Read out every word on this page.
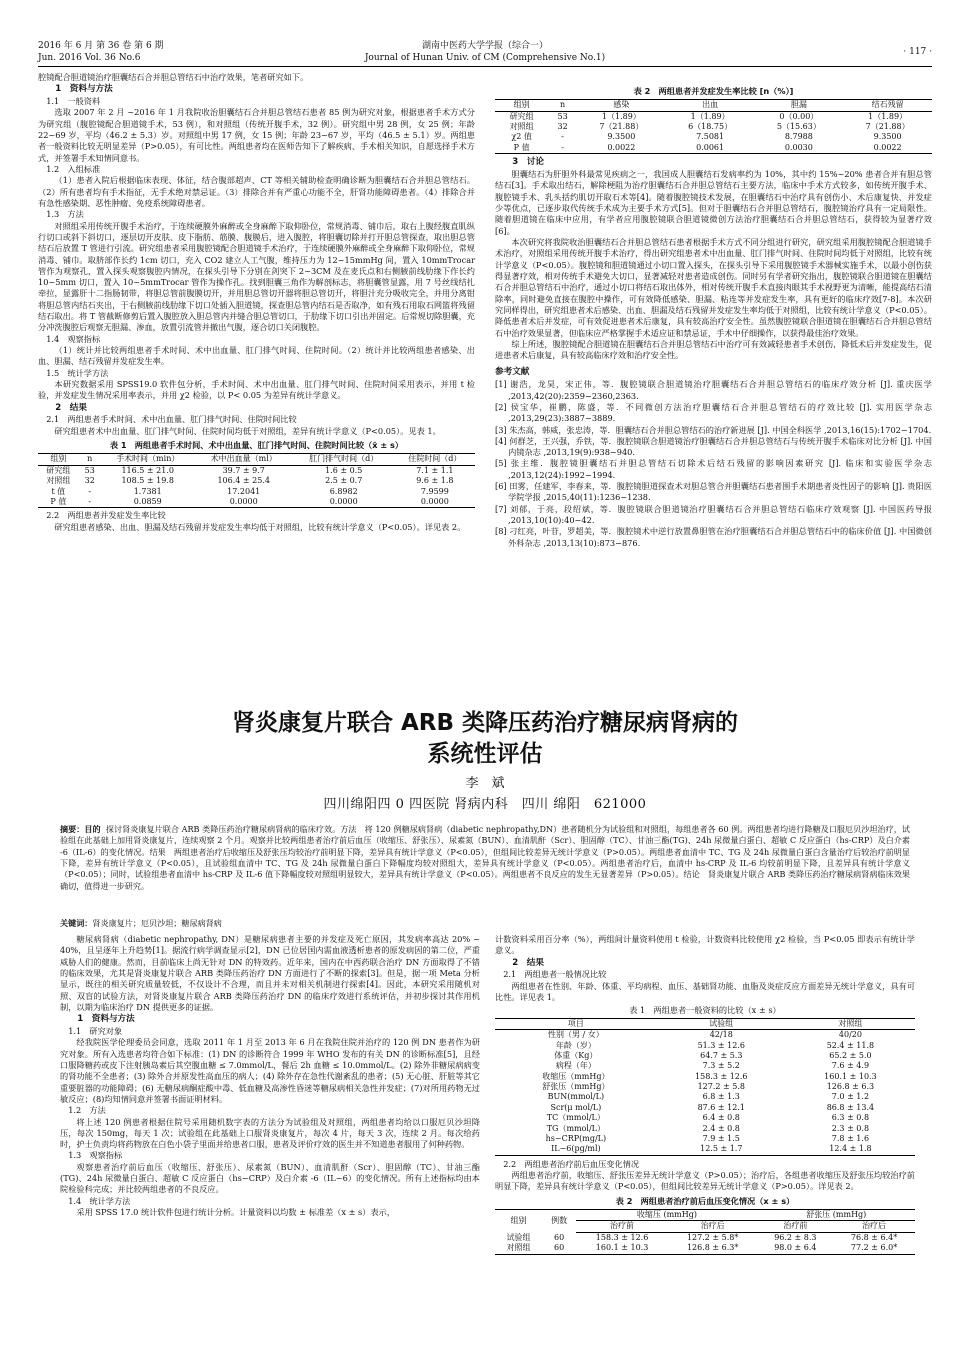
2016 年 6 月 第 36 卷 第 6 期
Jun. 2016 Vol. 36 No.6
湖南中医药大学学报（综合一）
Journal of Hunan Univ. of CM (Comprehensive No.1)
· 117 ·

腔镜配合胆道镜治疗胆囊结石合并胆总管结石中治疗效果，笔者研究如下。

1　资料与方法

1.1　一般资料

选取 2007 年 2 月 ~2016 年 1 月我院收治胆囊结石合并胆总管结石患者 85 例为研究对象，根据患者手术方式分为研究组（腹腔镜配合胆道镜手术，53 例），和对照组（传统开腹手术，32 例）。研究组中男 28 例，女 25 例；年龄 22~69 岁，平均（46.2 ± 5.3）岁。对照组中男 17 例，女 15 例；年龄 23~67 岁，平均（46.5 ± 5.1）岁。两组患者一般资料比较无明显差异（P>0.05），有可比性。两组患者均在医师告知下了解疾病、手术相关知识，自愿选择手术方式，并签署手术知情同意书。

1.2　入组标准

（1）患者入院后根据临床表现、体征，结合腹部超声、CT 等相关辅助检查明确诊断为胆囊结石合并胆总管结石。（2）所有患者均有手术指征，无手术绝对禁忌证。（3）排除合并有严重心功能不全，肝肾功能障碍患者。（4）排除合并有急性感染期、恶性肿瘤、免疫系统障碍患者。

1.3　方法

对照组采用传统开腹手术治疗，于连续硬膜外麻醉或全身麻醉下取仰卧位，常规消毒、铺巾后，取右上腹经腹直肌纵行切口或斜下斜切口，逐层切开皮肤、皮下脂肪、筋膜、腹膜后，进入腹腔，将胆囊切除并打开胆总管探查，取出胆总管结石后放置 T 管进行引流。研究组患者采用腹腔镜配合胆道镜手术治疗，于连续硬膜外麻醉或全身麻醉下取仰卧位，常规消毒、铺巾。取脐部作长约 1cm 切口，充入 CO2 建立人工气腹，维持压力为 12~15mmHg 间，置入 10mmTrocar 管作为观察孔，置入探头观察腹腔内情况，在探头引导下分别在剑突下 2~3CM 及在麦氏点和右侧腋前线肋缘下作长约 10~5mm 切口，置入 10~5mmTrocar 管作为操作孔。找到胆囊三角作为解剖标志，将胆囊管显露，用 7 号丝线结扎牵拉，显露肝十二指肠韧带，将胆总管前腹膜切开，并用胆总管切开器将胆总管切开，将胆汁充分吸收完全，并用分离钳将胆总管内结石夹出，于右侧腋前线肋缘下切口处插入胆道镜，探查胆总管内结石是否取净，如有残石用取石网篮将残留结石取出。将 T 管截断修剪后置入腹腔放入胆总管内并缝合胆总管切口，于肋缘下切口引出并固定。后常规切除胆囊，充分冲洗腹腔后观察无胆漏、渗血，放置引流管并撤出气腹，逐合切口关闭腹腔。

1.4　观察指标

（1）统计并比较两组患者手术时间、术中出血量、肛门排气时间、住院时间。（2）统计并比较两组患者感染、出血、胆漏、结石残留并发症发生率。

1.5　统计学方法

本研究数据采用 SPSS19.0 软件包分析，手术时间、术中出血量、肛门排气时间、住院时间采用表示，并用 t 检验，并发症发生情况采用率表示，并用 χ2 检验，以 P< 0.05 为差异有统计学意义。

2　结果

2.1　两组患者手术时间、术中出血量、肛门排气时间、住院时间比较

研究组患者术中出血量、肛门排气时间、住院时间均低于对照组，差异有统计学意义（P<0.05）。见表 1。

表 1　两组患者手术时间、术中出血量、肛门排气时间、住院时间比较（x̄ ± s）
组别	n	手术时间（min）	术中出血量（ml）	肛门排气时间（d）	住院时间（d）
研究组	53	116.5 ± 21.0	39.7 ± 9.7	1.6 ± 0.5	7.1 ± 1.1
对照组	32	108.5 ± 19.8	106.4 ± 25.4	2.5 ± 0.7	9.6 ± 1.8
t 值	-	1.7381	17.2041	6.8982	7.9599
P 值	-	0.0859	0.0000	0.0000	0.0000

2.2　两组患者并发症发生率比较

研究组患者感染、出血、胆漏及结石残留并发症发生率均低于对照组，比较有统计学意义（P<0.05）。详见表 2。

表 2　两组患者并发症发生率比较 [n（%）]
组别	n	感染	出血	胆漏	结石残留
研究组	53	1（1.89）	1（1.89）	0（0.00）	1（1.89）
对照组	32	7（21.88）	6（18.75）	5（15.63）	7（21.88）
χ2 值	-	9.3500	7.5081	8.7988	9.3500
P 值	-	0.0022	0.0061	0.0030	0.0022

3　讨论

胆囊结石为肝胆外科最常见疾病之一，我国成人胆囊结石发病率约为 10%，其中约 15%~20% 患者合并有胆总管结石[3]。手术取出结石，解除梗阻为治疗胆囊结石合并胆总管结石主要方法，临床中手术方式较多，如传统开腹手术、腹腔镜手术、乳头括约肌切开取石术等[4]。随着腹腔镜技术发展，在胆囊结石中治疗具有创伤小、术后康复快、并发症少等优点，已逐步取代传统手术成为主要手术方式[5]。但对于胆囊结石合并胆总管结石，腹腔镜治疗具有一定局限性。随着胆道镜在临床中应用，有学者应用腹腔镜联合胆道镜微创方法治疗胆囊结石合并胆总管结石，获得较为显著疗效[6]。

本次研究将我院收治胆囊结石合并胆总管结石患者根据手术方式不同分组进行研究，研究组采用腹腔镜配合胆道镜手术治疗，对照组采用传统开腹手术治疗，得出研究组患者术中出血量、肛门排气时间、住院时间均低于对照组，比较有统计学意义（P<0.05）。腹腔镜和胆道镜通过小切口置入探头，在探头引导下采用腹腔镜手术器械实施手术，以最小创伤获得显著疗效，相对传统手术避免大切口，显著减轻对患者造成创伤。同时另有学者研究指出，腹腔镜联合胆道镜在胆囊结石合并胆总管结石中治疗，通过小切口将结石取出体外，相对传统开腹手术直接肉眼其手术视野更为清晰，能提高结石清除率，同时避免直接在腹腔中操作，可有效降低感染、胆漏、粘连等并发症发生率，具有更好的临床疗效[7-8]。本次研究同样得出，研究组患者术后感染、出血、胆漏及结石残留并发症发生率均低于对照组，比较有统计学意义（P<0.05）。降低患者术后并发症，可有效促进患者术后康复，具有较高治疗安全性。虽然腹腔镜联合胆道镜在胆囊结石合并胆总管结石中治疗效果显著，但临床应严格掌握手术适应证和禁忌证，手术中仔细操作，以获得最佳治疗效果。

综上所述，腹腔镜配合胆道镜在胆囊结石合并胆总管结石中治疗可有效减轻患者手术创伤，降低术后并发症发生，促进患者术后康复，具有较高临床疗效和治疗安全性。

参考文献

[1] 谢浩，龙昊，宋正伟，等．腹腔镜联合胆道镜治疗胆囊结石合并胆总管结石的临床疗效分析 [J]. 重庆医学 ,2013,42(20):2359−2360,2363.

[2] 侯宝华，崔鹏，陈盛，等．不同微创方法治疗胆囊结石合并胆总管结石的疗效比较 [J]. 实用医学杂志 ,2013,29(23):3887−3889.

[3] 朱杰高，韩威，张忠涛，等．胆囊结石合并胆总管结石的治疗新进展 [J]. 中国全科医学 ,2013,16(15):1702−1704.

[4] 何群芝，王兴强，乔铁，等．腹腔镜联合胆道镜治疗胆囊结石合并胆总管结石与传统开腹手术临床对比分析 [J]. 中国内镜杂志 ,2013,19(9):938−940.

[5] 张主维．腹腔镜胆囊结石并胆总管结石切除术后结石残留的影响因素研究 [J]. 临床和实验医学杂志 ,2013,12(24):1992−1994.

[6] 田雾，任建军，李春来，等．腹腔镜胆道探查术对胆总管合并胆囊结石患者围手术期患者炎性因子的影响 [J]. 贵阳医学院学报 ,2015,40(11):1236−1238.

[7] 刘郁，于亮，段绍斌，等．腹腔镜联合胆道镜治疗胆囊结石合并胆总管结石临床疗效观察 [J]. 中国医药导报 ,2013,10(10):40−42.

[8] 刁红亮，叶苷，罗超美，等．腹腔镜术中逆行放置鼻胆管在治疗胆囊结石合并胆总管结石中的临床价值 [J]. 中国微创外科杂志 ,2013,13(10):873−876.

肾炎康复片联合 ARB 类降压药治疗糖尿病肾病的
系统性评估
李　斌
四川绵阳四 0 四医院 肾病内科　四川 绵阳　621000
摘要：目的 探讨肾炎康复片联合 ARB 类降压药治疗糖尿病肾病的临床疗效。方法　将 120 例糖尿病肾病（diabetic nephropathy,DN）患者随机分为试验组和对照组，每组患者各 60 例。两组患者均进行降糖及口服厄贝沙坦治疗，试验组在此基础上加用肾炎康复片，连续观察 2 个月。观察并比较两组患者治疗前后血压（收缩压、舒张压）、尿素氮（BUN）、血清肌酐（Scr）、胆固醇（TC）、甘油三酯(TG)、24h 尿微量白蛋白、超敏 C 反应蛋白（hs-CRP）及白介素 -6（IL-6）的变化情况。结果　两组患者治疗后收缩压及舒张压均较治疗前明显下降，差异具有统计学意义（P<0.05），但组间比较差异无统计学意义（P>0.05）。两组患者血清中 TC、TG 及 24h 尿微量白蛋白含量治疗后较治疗前明显下降，差异有统计学意义（P<0.05），且试验组血清中 TC、TG 及 24h 尿微量白蛋白下降幅度均较对照组大，差异具有统计学意义（P<0.05）。两组患者治疗后，血清中 hs-CRP 及 IL-6 均较前明显下降，且差异具有统计学意义（P<0.05）；同时，试验组患者血清中 hs-CRP 及 IL-6 值下降幅度较对照组明显较大，差异具有统计学意义（P<0.05）。两组患者不良反应的发生无显著差异（P>0.05）。结论　肾炎康复片联合 ARB 类降压药治疗糖尿病肾病临床效果确切，值得进一步研究。
关键词：肾炎康复片；厄贝沙坦；糖尿病肾病

糖尿病肾病（diabetic nephropathy, DN）是糖尿病患者主要的并发症及死亡原因，其发病率高达 20% ~ 40%，且呈逐年上升趋势[1]。据流行病学调查显示[2]，DN 已位居国内需血液透析患者的原发病因的第二位，严重威胁人们的健康。然而，目前临床上尚无针对 DN 的特效药。近年来，国内在中西药联合治疗 DN 方面取得了不错的临床效果，尤其是肾炎康复片联合 ARB 类降压药治疗 DN 方面进行了不断的探索[3]。但是，据一项 Meta 分析显示，既往的相关研究质量较低，不仅设计不合理，而且并未对相关机制进行探索[4]。因此，本研究采用随机对照、双盲的试验方法，对肾炎康复片联合 ARB 类降压药治疗 DN 的临床疗效进行系统评估，并初步探讨其作用机制，以期为临床治疗 DN 提供更多的证据。

1　资料与方法

1.1　研究对象

经我院医学伦理委员会同意，选取 2011 年 1 月至 2013 年 6 月在我院住院并治疗的 120 例 DN 患者作为研究对象。所有入选患者均符合如下标准：(1) DN 的诊断符合 1999 年 WHO 发布的有关 DN 的诊断标准[5]，且经口服降糖药或皮下注射胰岛素后其空腹血糖 ≤ 7.0mmol/L，餐后 2h 血糖 ≤ 10.0mmol/L。(2) 除外非糖尿病病变的肾功能不全患者；(3) 除外合并原发性高血压的病人；(4) 除外存在急性代谢紊乱的患者；(5) 无心脏、肝脏等其它重要脏器的功能障碍；(6) 无糖尿病酮症酸中毒、低血糖及高渗性昏迷等糖尿病相关急性并发症；(7)对所用药物无过敏反应；(8)均知情同意并签署书面证明材料。

1.2　方法

将上述 120 例患者根据住院号采用随机数字表的方法分为试验组及对照组，两组患者均给以口服厄贝沙坦降压，每次 150mg，每天 1 次；试验组在此基础上口服肾炎康复片，每次 4 片，每天 3 次，连续 2 月。每次给药时，护士负责均将药物放在白色小袋子里面并给患者口服，患者及评价疗效的医生并不知道患者服用了何种药物。

1.3　观察指标

观察患者治疗前后血压（收缩压、舒张压）、尿素氮（BUN）、血清肌酐（Scr）、胆固醇（TC）、甘油三酯(TG)、24h 尿微量白蛋白、超敏 C 反应蛋白（hs−CRP）及白介素 -6（IL−6）的变化情况。所有上述指标均由本院检验科完成；并比较两组患者的不良反应。

1.4　统计学方法

采用 SPSS 17.0 统计软件包进行统计分析。计量资料以均数 ± 标准差（x ± s）表示，

计数资料采用百分率（%），两组间计量资料使用 t 检验，计数资料比较使用 χ2 检验，当 P<0.05 即表示有统计学意义。

2　结果

2.1　两组患者一般情况比较

两组患者在性别、年龄、体重、平均病程、血压、基础肾功能、血脂及炎症反应方面差异无统计学意义，具有可比性。详见表 1。

表 1　两组患者一般资料的比较（x ± s）
项目	试验组	对照组
性别（男 / 女）	42/18	40/20
年龄（岁）	51.3 ± 12.6	52.4 ± 11.8
体重（Kg）	64.7 ± 5.3	65.2 ± 5.0
病程（年）	7.3 ± 5.2	7.6 ± 4.9
收缩压（mmHg）	158.3 ± 12.6	160.1 ± 10.3
舒张压（mmHg）	127.2 ± 5.8	126.8 ± 6.3
BUN(mmol/L)	6.8 ± 1.3	7.0 ± 1.2
Scr(μ mol/L)	87.6 ± 12.1	86.8 ± 13.4
TC（mmol/L）	6.4 ± 0.8	6.3 ± 0.8
TG（mmol/L）	2.4 ± 0.8	2.3 ± 0.8
hs−CRP(mg/L)	7.9 ± 1.5	7.8 ± 1.6
IL−6(pg/ml)	12.5 ± 1.7	12.4 ± 1.8

2.2　两组患者治疗前后血压变化情况

两组患者治疗前，收缩压、舒张压差异无统计学意义（P>0.05）；治疗后，各组患者收缩压及舒张压均较治疗前明显下降，差异具有统计学意义（P<0.05），但组间比较差异无统计学意义（P>0.05）。详见表 2。

表 2　两组患者治疗前后血压变化情况（x ± s）
组别	例数	收缩压 (mmHg)		舒张压 (mmHg)	
		治疗前	治疗后	治疗前	治疗后
试验组	60	158.3 ± 12.6	127.2 ± 5.8*	96.2 ± 8.3	76.8 ± 6.4*
对照组	60	160.1 ± 10.3	126.8 ± 6.3*	98.0 ± 6.4	77.2 ± 6.0*
